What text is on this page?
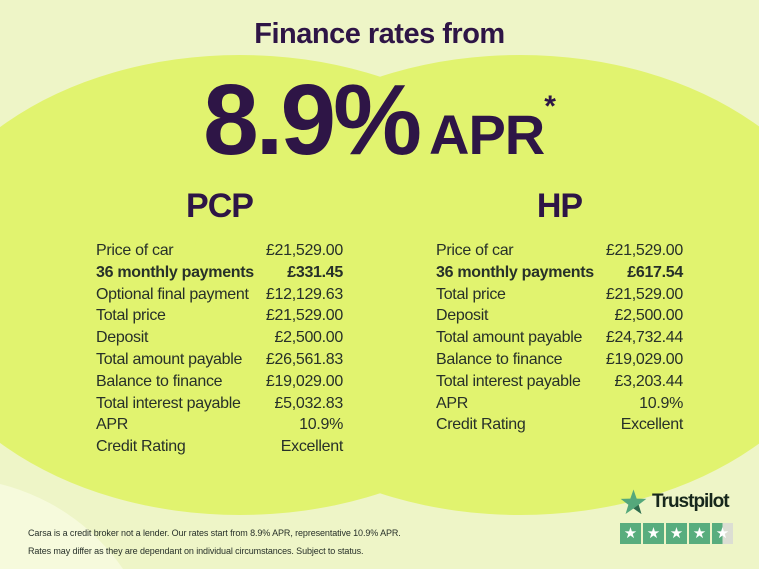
Finance rates from
8.9% APR*
PCP
Price of car	£21,529.00
36 monthly payments £331.45
Optional final payment £12,129.63
Total price	£21,529.00
Deposit	£2,500.00
Total amount payable £26,561.83
Balance to finance	£19,029.00
Total interest payable £5,032.83
APR	10.9%
Credit Rating	Excellent
HP
Price of car	£21,529.00
36 monthly payments £617.54
Total price	£21,529.00
Deposit	£2,500.00
Total amount payable £24,732.44
Balance to finance	£19,029.00
Total interest payable £3,203.44
APR	10.9%
Credit Rating	Excellent
Carsa is a credit broker not a lender. Our rates start from 8.9% APR, representative 10.9% APR.
Rates may differ as they are dependant on individual circumstances. Subject to status.
Trustpilot
★ ★ ★ ★ ★
